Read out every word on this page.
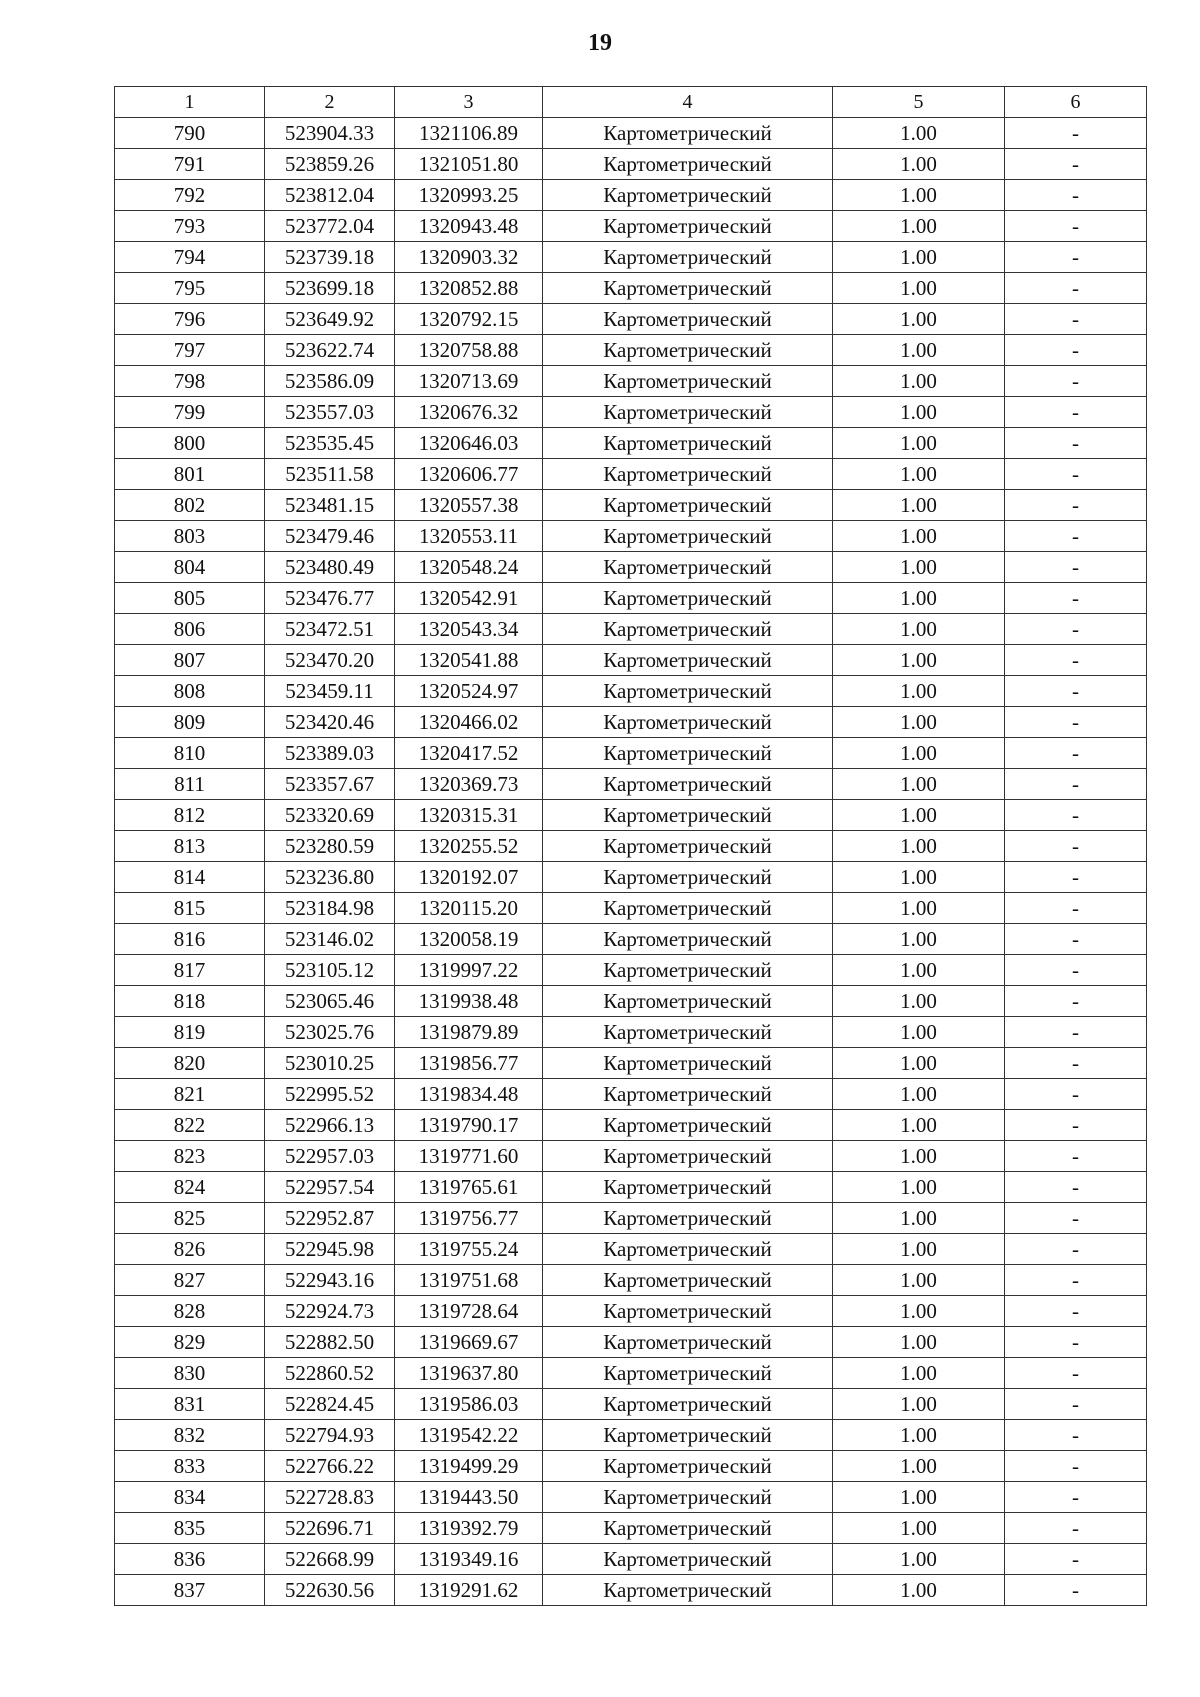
19
1	2	3	4	5	6
790	523904.33	1321106.89	Картометрический	1.00	-
791	523859.26	1321051.80	Картометрический	1.00	-
792	523812.04	1320993.25	Картометрический	1.00	-
793	523772.04	1320943.48	Картометрический	1.00	-
794	523739.18	1320903.32	Картометрический	1.00	-
795	523699.18	1320852.88	Картометрический	1.00	-
796	523649.92	1320792.15	Картометрический	1.00	-
797	523622.74	1320758.88	Картометрический	1.00	-
798	523586.09	1320713.69	Картометрический	1.00	-
799	523557.03	1320676.32	Картометрический	1.00	-
800	523535.45	1320646.03	Картометрический	1.00	-
801	523511.58	1320606.77	Картометрический	1.00	-
802	523481.15	1320557.38	Картометрический	1.00	-
803	523479.46	1320553.11	Картометрический	1.00	-
804	523480.49	1320548.24	Картометрический	1.00	-
805	523476.77	1320542.91	Картометрический	1.00	-
806	523472.51	1320543.34	Картометрический	1.00	-
807	523470.20	1320541.88	Картометрический	1.00	-
808	523459.11	1320524.97	Картометрический	1.00	-
809	523420.46	1320466.02	Картометрический	1.00	-
810	523389.03	1320417.52	Картометрический	1.00	-
811	523357.67	1320369.73	Картометрический	1.00	-
812	523320.69	1320315.31	Картометрический	1.00	-
813	523280.59	1320255.52	Картометрический	1.00	-
814	523236.80	1320192.07	Картометрический	1.00	-
815	523184.98	1320115.20	Картометрический	1.00	-
816	523146.02	1320058.19	Картометрический	1.00	-
817	523105.12	1319997.22	Картометрический	1.00	-
818	523065.46	1319938.48	Картометрический	1.00	-
819	523025.76	1319879.89	Картометрический	1.00	-
820	523010.25	1319856.77	Картометрический	1.00	-
821	522995.52	1319834.48	Картометрический	1.00	-
822	522966.13	1319790.17	Картометрический	1.00	-
823	522957.03	1319771.60	Картометрический	1.00	-
824	522957.54	1319765.61	Картометрический	1.00	-
825	522952.87	1319756.77	Картометрический	1.00	-
826	522945.98	1319755.24	Картометрический	1.00	-
827	522943.16	1319751.68	Картометрический	1.00	-
828	522924.73	1319728.64	Картометрический	1.00	-
829	522882.50	1319669.67	Картометрический	1.00	-
830	522860.52	1319637.80	Картометрический	1.00	-
831	522824.45	1319586.03	Картометрический	1.00	-
832	522794.93	1319542.22	Картометрический	1.00	-
833	522766.22	1319499.29	Картометрический	1.00	-
834	522728.83	1319443.50	Картометрический	1.00	-
835	522696.71	1319392.79	Картометрический	1.00	-
836	522668.99	1319349.16	Картометрический	1.00	-
837	522630.56	1319291.62	Картометрический	1.00	-
